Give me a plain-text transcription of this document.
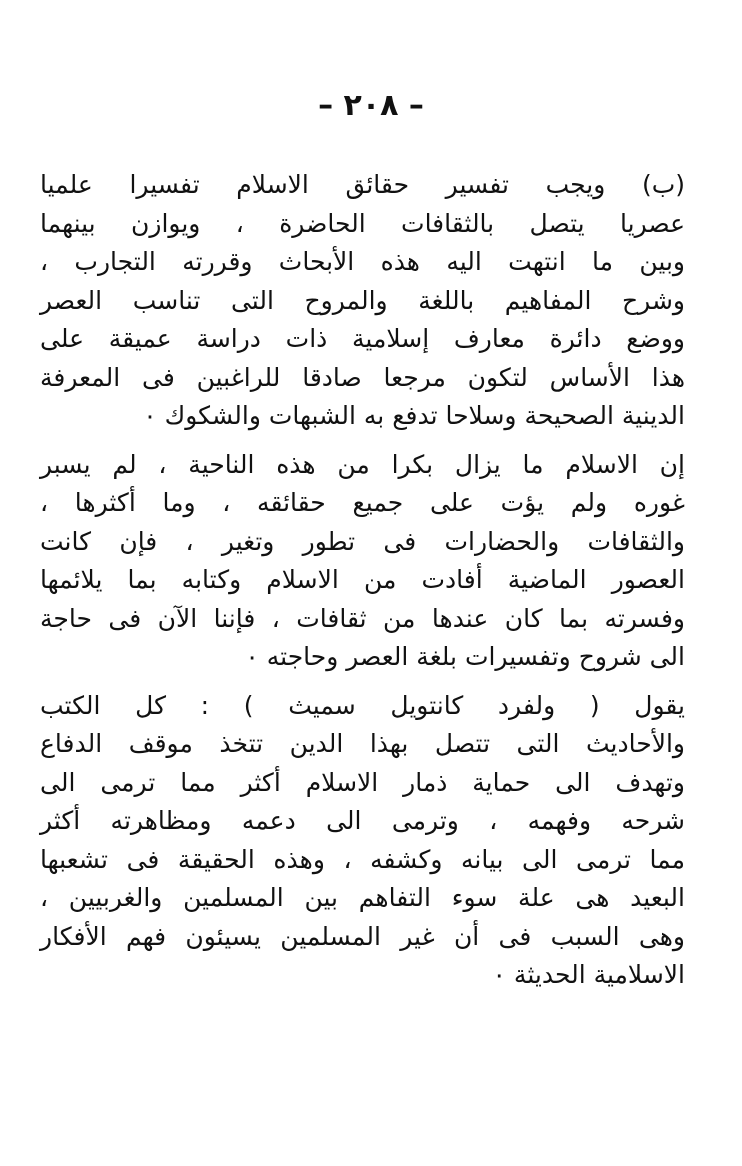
– ٢٠٨ –
(ب) ويجب تفسير حقائق الاسلام تفسيرا علميا
عصريا يتصل بالثقافات الحاضرة ، ويوازن بينهما
وبين ما انتهت اليه هذه الأبحاث وقررته التجارب ،
وشرح المفاهيم باللغة والمروح التى تناسب العصر
ووضع دائرة معارف إسلامية ذات دراسة عميقة على
هذا الأساس لتكون مرجعا صادقا للراغبين فى المعرفة
الدينية الصحيحة وسلاحا تدفع به الشبهات والشكوك ٠
إن الاسلام ما يزال بكرا من هذه الناحية ، لم يسبر
غوره ولم يؤت على جميع حقائقه ، وما أكثرها ،
والثقافات والحضارات فى تطور وتغير ، فإن كانت
العصور الماضية أفادت من الاسلام وكتابه بما يلائمها
وفسرته بما كان عندها من ثقافات ، فإننا الآن فى حاجة
الى شروح وتفسيرات بلغة العصر وحاجته ٠
يقول ( ولفرد كانتويل سميث ) : كل الكتب
والأحاديث التى تتصل بهذا الدين تتخذ موقف الدفاع
وتهدف الى حماية ذمار الاسلام أكثر مما ترمى الى
شرحه وفهمه ، وترمى الى دعمه ومظاهرته أكثر
مما ترمى الى بيانه وكشفه ، وهذه الحقيقة فى تشعبها
البعيد هى علة سوء التفاهم بين المسلمين والغربيين ،
وهى السبب فى أن غير المسلمين يسيئون فهم الأفكار
الاسلامية الحديثة ٠
